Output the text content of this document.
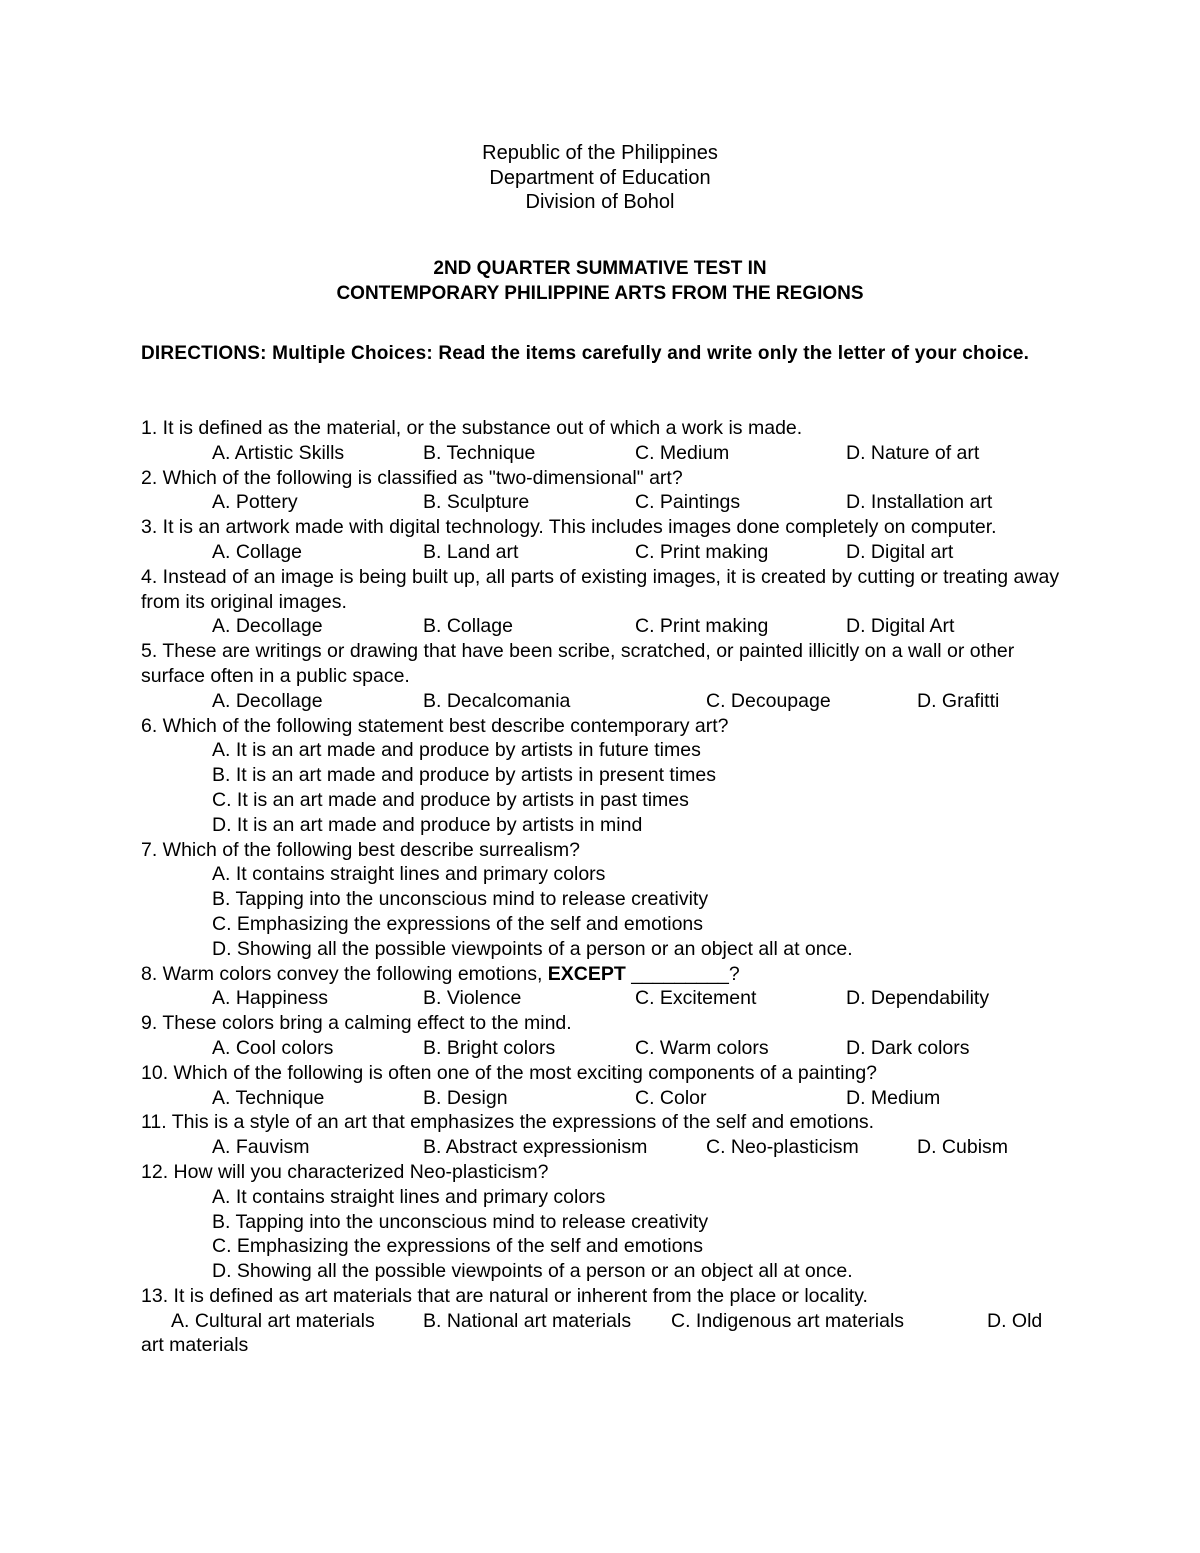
Republic of the Philippines
Department of Education
Division of Bohol
2ND QUARTER SUMMATIVE TEST IN
CONTEMPORARY PHILIPPINE ARTS FROM THE REGIONS
DIRECTIONS: Multiple Choices: Read the items carefully and write only the letter of your choice.
1. It is defined as the material, or the substance out of which a work is made.
A. Artistic Skills	B. Technique	C. Medium	D. Nature of art
2. Which of the following is classified as "two-dimensional" art?
A. Pottery	B. Sculpture	C. Paintings	D. Installation art
3. It is an artwork made with digital technology. This includes images done completely on computer.
A. Collage	B. Land art	C. Print making	D. Digital art
4. Instead of an image is being built up, all parts of existing images, it is created by cutting or treating away from its original images.
A. Decollage	B. Collage	C. Print making	D. Digital Art
5. These are writings or drawing that have been scribe, scratched, or painted illicitly on a wall or other surface often in a public space.
A. Decollage	B. Decalcomania	C. Decoupage	D. Grafitti
6. Which of the following statement best describe contemporary art?
A. It is an art made and produce by artists in future times
B. It is an art made and produce by artists in present times
C. It is an art made and produce by artists in past times
D. It is an art made and produce by artists in mind
7. Which of the following best describe surrealism?
A. It contains straight lines and primary colors
B. Tapping into the unconscious mind to release creativity
C. Emphasizing the expressions of the self and emotions
D. Showing all the possible viewpoints of a person or an object all at once.
8. Warm colors convey the following emotions, EXCEPT _________?
A. Happiness	B. Violence	C. Excitement	D. Dependability
9. These colors bring a calming effect to the mind.
A. Cool colors	B. Bright colors	C. Warm colors	D. Dark colors
10. Which of the following is often one of the most exciting components of a painting?
A. Technique	B. Design	C. Color	D. Medium
11. This is a style of an art that emphasizes the expressions of the self and emotions.
A. Fauvism	B. Abstract expressionism	C. Neo-plasticism	D. Cubism
12. How will you characterized Neo-plasticism?
A. It contains straight lines and primary colors
B. Tapping into the unconscious mind to release creativity
C. Emphasizing the expressions of the self and emotions
D. Showing all the possible viewpoints of a person or an object all at once.
13. It is defined as art materials that are natural or inherent from the place or locality.
A. Cultural art materials B. National art materials C. Indigenous art materials	D. Old
art materials
